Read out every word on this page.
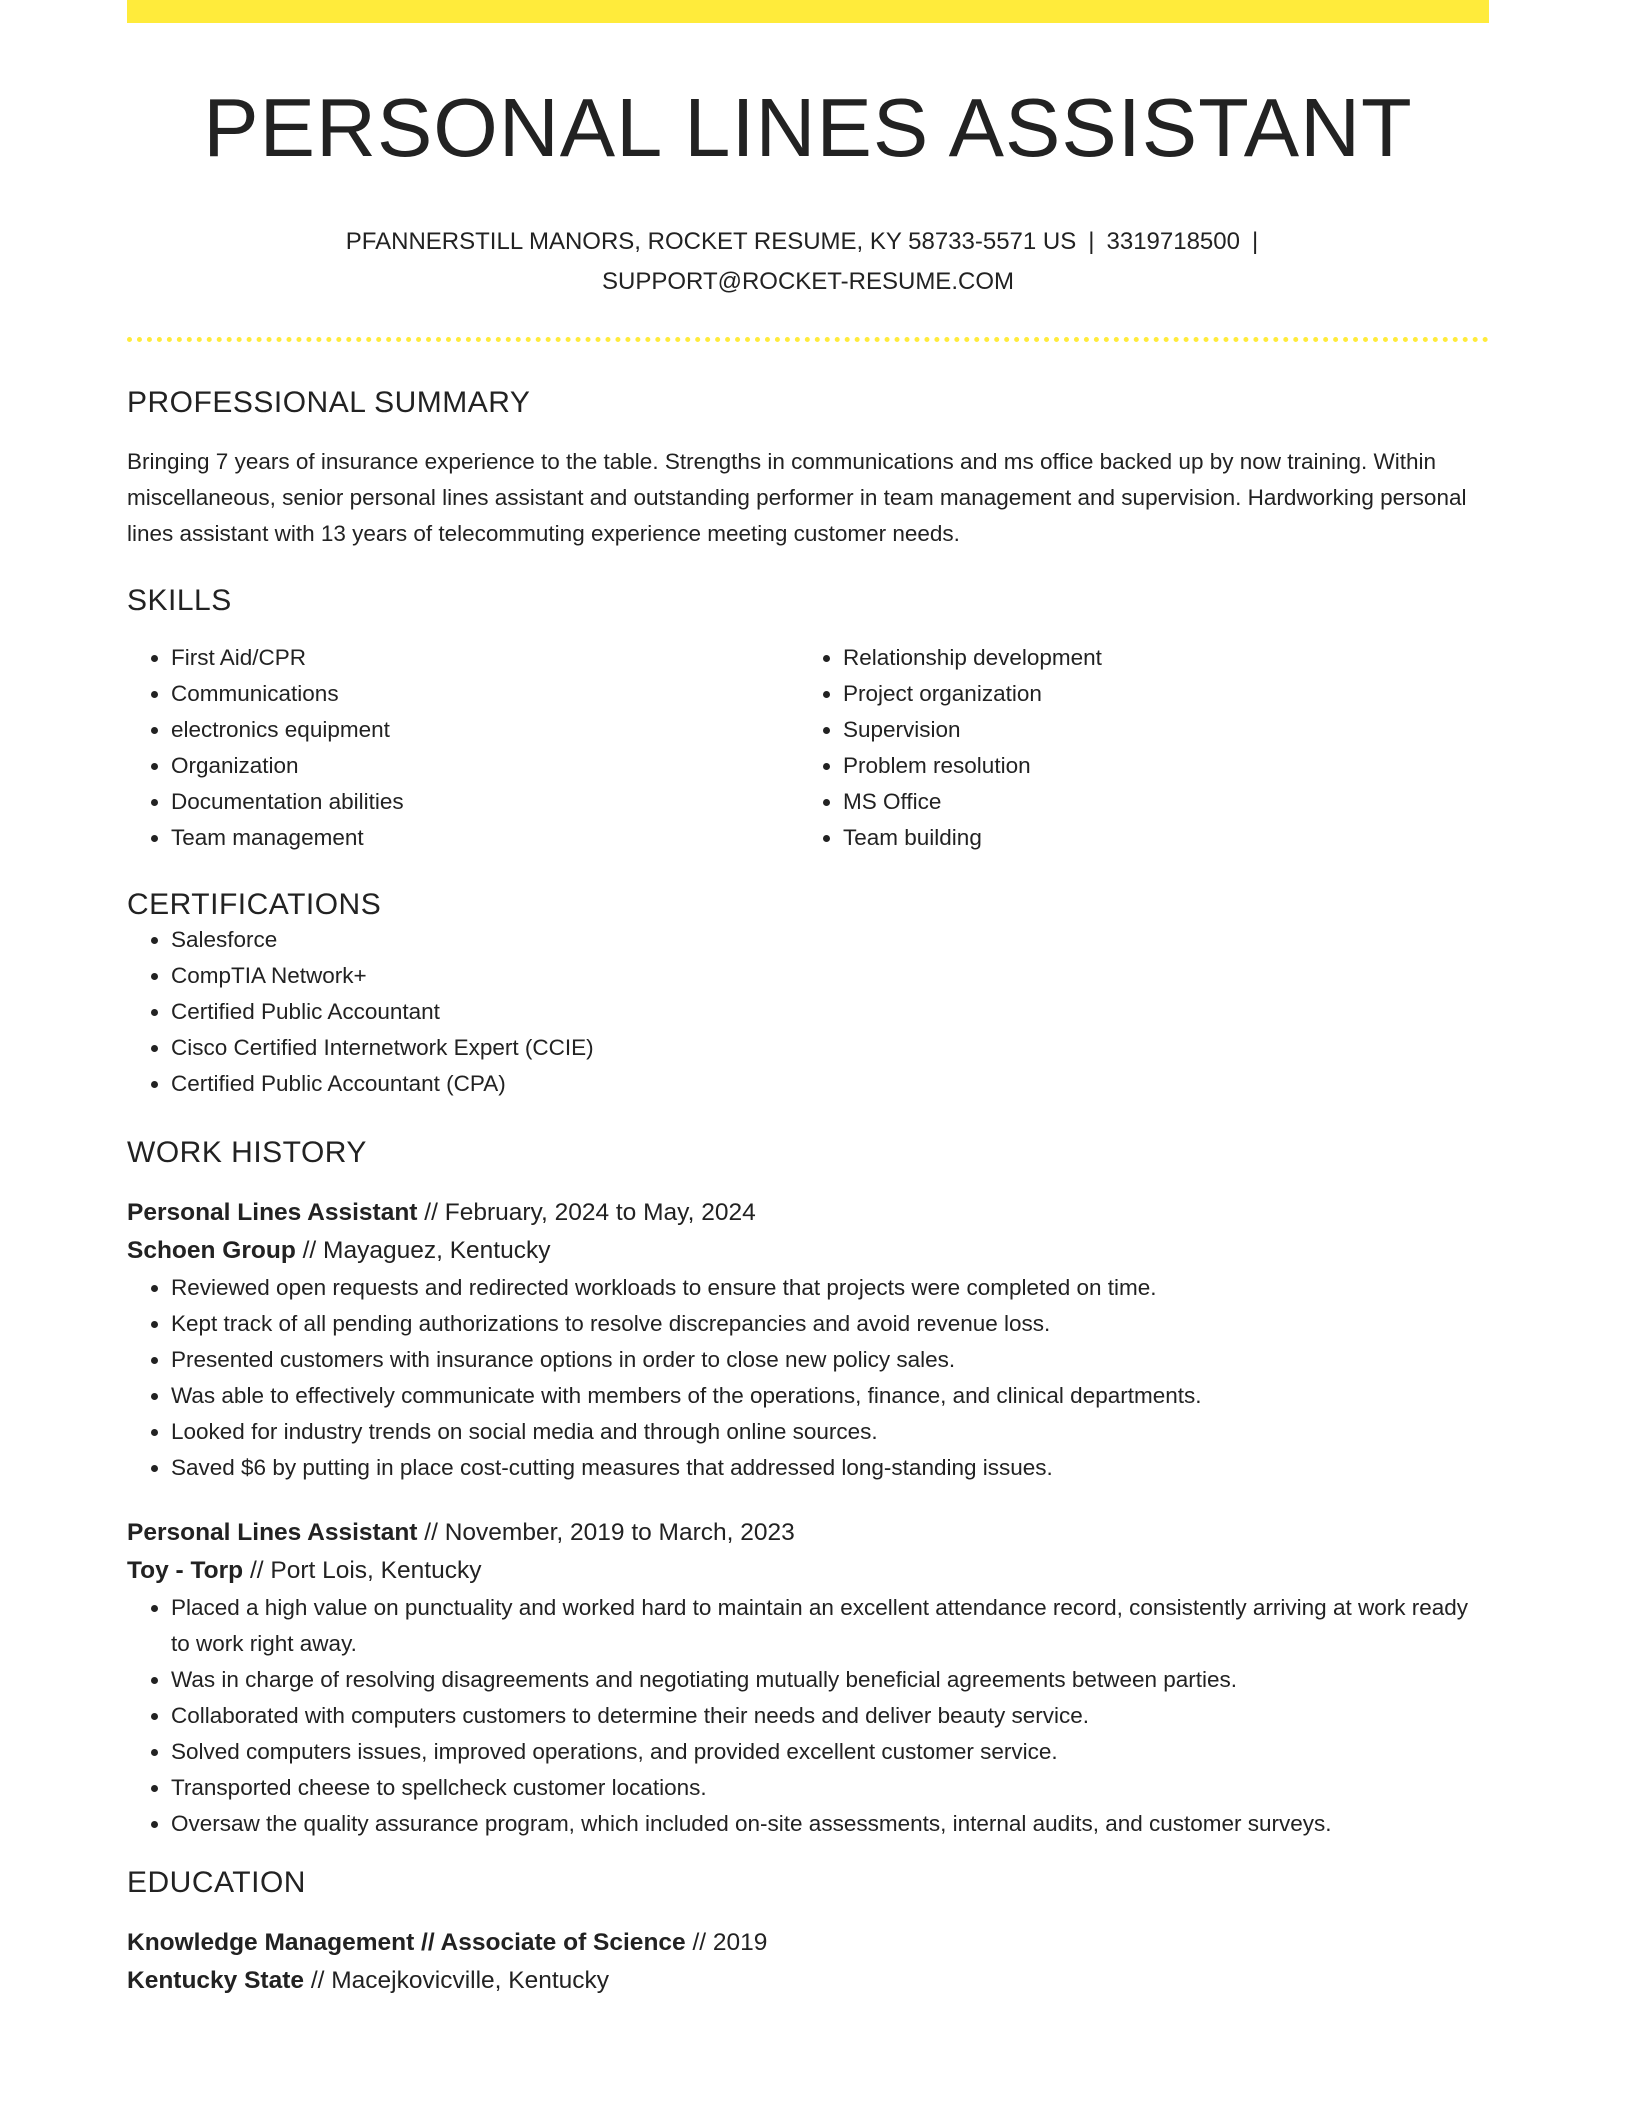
PERSONAL LINES ASSISTANT
PFANNERSTILL MANORS, ROCKET RESUME, KY 58733-5571 US | 3319718500 |
SUPPORT@ROCKET-RESUME.COM
PROFESSIONAL SUMMARY
Bringing 7 years of insurance experience to the table. Strengths in communications and ms office backed up by now training. Within miscellaneous, senior personal lines assistant and outstanding performer in team management and supervision. Hardworking personal lines assistant with 13 years of telecommuting experience meeting customer needs.
SKILLS
• First Aid/CPR
• Communications
• electronics equipment
• Organization
• Documentation abilities
• Team management
• Relationship development
• Project organization
• Supervision
• Problem resolution
• MS Office
• Team building
CERTIFICATIONS
• Salesforce
• CompTIA Network+
• Certified Public Accountant
• Cisco Certified Internetwork Expert (CCIE)
• Certified Public Accountant (CPA)
WORK HISTORY
Personal Lines Assistant // February, 2024 to May, 2024
Schoen Group // Mayaguez, Kentucky
• Reviewed open requests and redirected workloads to ensure that projects were completed on time.
• Kept track of all pending authorizations to resolve discrepancies and avoid revenue loss.
• Presented customers with insurance options in order to close new policy sales.
• Was able to effectively communicate with members of the operations, finance, and clinical departments.
• Looked for industry trends on social media and through online sources.
• Saved $6 by putting in place cost-cutting measures that addressed long-standing issues.
Personal Lines Assistant // November, 2019 to March, 2023
Toy - Torp // Port Lois, Kentucky
• Placed a high value on punctuality and worked hard to maintain an excellent attendance record, consistently arriving at work ready to work right away.
• Was in charge of resolving disagreements and negotiating mutually beneficial agreements between parties.
• Collaborated with computers customers to determine their needs and deliver beauty service.
• Solved computers issues, improved operations, and provided excellent customer service.
• Transported cheese to spellcheck customer locations.
• Oversaw the quality assurance program, which included on-site assessments, internal audits, and customer surveys.
EDUCATION
Knowledge Management // Associate of Science // 2019
Kentucky State // Macejkovicville, Kentucky
